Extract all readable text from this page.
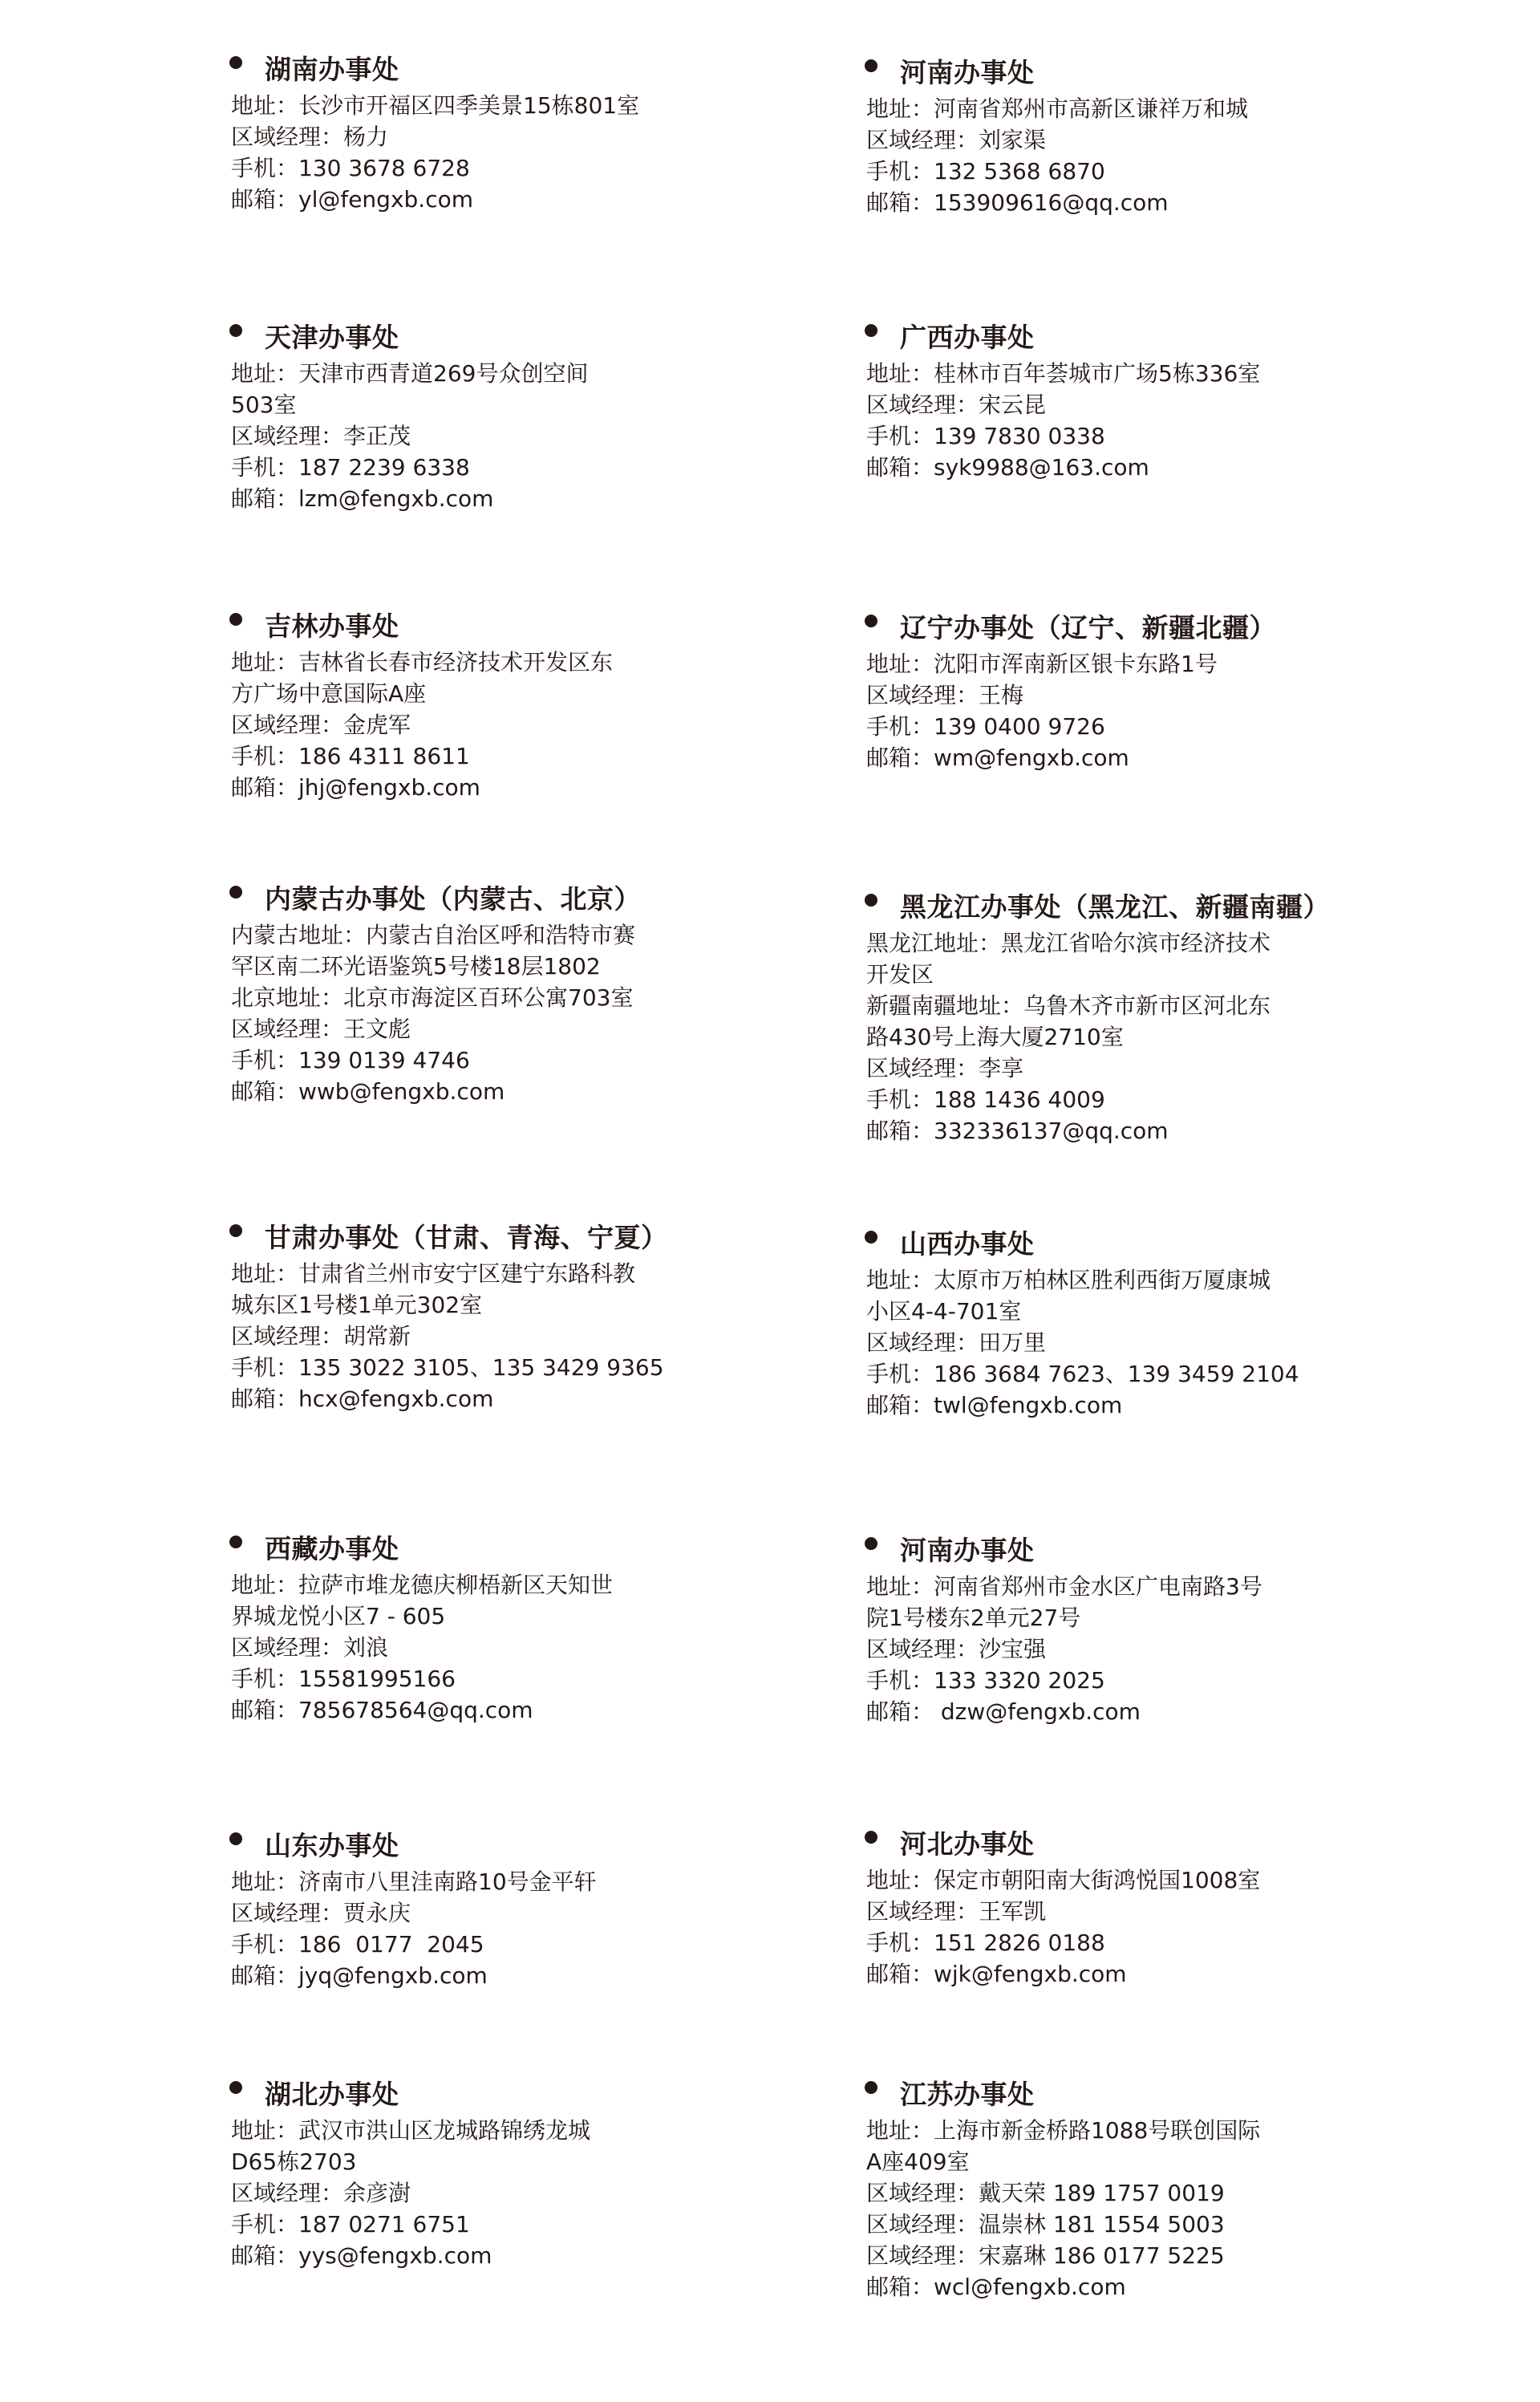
湖南办事处
地址：长沙市开福区四季美景15栋801室
区域经理：杨力
手机：130 3678 6728
邮箱：yl@fengxb.com
天津办事处
地址：天津市西青道269号众创空间
503室
区域经理：李正茂
手机：187 2239 6338
邮箱：lzm@fengxb.com
吉林办事处
地址：吉林省长春市经济技术开发区东
方广场中意国际A座
区域经理：金虎军
手机：186 4311 8611
邮箱：jhj@fengxb.com
内蒙古办事处（内蒙古、北京）
内蒙古地址：内蒙古自治区呼和浩特市赛
罕区南二环光语鉴筑5号楼18层1802
北京地址：北京市海淀区百环公寓703室
区域经理：王文彪
手机：139 0139 4746
邮箱：wwb@fengxb.com
甘肃办事处（甘肃、青海、宁夏）
地址：甘肃省兰州市安宁区建宁东路科教
城东区1号楼1单元302室
区域经理：胡常新
手机：135 3022 3105、135 3429 9365
邮箱：hcx@fengxb.com
西藏办事处
地址：拉萨市堆龙德庆柳梧新区天知世
界城龙悦小区7 - 605
区域经理：刘浪
手机：15581995166
邮箱：785678564@qq.com
山东办事处
地址：济南市八里洼南路10号金平轩
区域经理：贾永庆
手机：186  0177  2045
邮箱：jyq@fengxb.com
湖北办事处
地址：武汉市洪山区龙城路锦绣龙城
D65栋2703
区域经理：余彦澍
手机：187 0271 6751
邮箱：yys@fengxb.com
河南办事处
地址：河南省郑州市高新区谦祥万和城
区域经理：刘家渠
手机：132 5368 6870
邮箱：153909616@qq.com
广西办事处
地址：桂林市百年荟城市广场5栋336室
区域经理：宋云昆
手机：139 7830 0338
邮箱：syk9988@163.com
辽宁办事处（辽宁、新疆北疆）
地址：沈阳市浑南新区银卡东路1号
区域经理：王梅
手机：139 0400 9726
邮箱：wm@fengxb.com
黑龙江办事处（黑龙江、新疆南疆）
黑龙江地址：黑龙江省哈尔滨市经济技术
开发区
新疆南疆地址：乌鲁木齐市新市区河北东
路430号上海大厦2710室
区域经理：李享
手机：188 1436 4009
邮箱：332336137@qq.com
山西办事处
地址：太原市万柏林区胜利西街万厦康城
小区4-4-701室
区域经理：田万里
手机：186 3684 7623、139 3459 2104
邮箱：twl@fengxb.com
河南办事处
地址：河南省郑州市金水区广电南路3号
院1号楼东2单元27号
区域经理：沙宝强
手机：133 3320 2025
邮箱： dzw@fengxb.com
河北办事处
地址：保定市朝阳南大街鸿悦国1008室
区域经理：王军凯
手机：151 2826 0188
邮箱：wjk@fengxb.com
江苏办事处
地址：上海市新金桥路1088号联创国际
A座409室
区域经理：戴天荣 189 1757 0019
区域经理：温崇林 181 1554 5003
区域经理：宋嘉琳 186 0177 5225
邮箱：wcl@fengxb.com
